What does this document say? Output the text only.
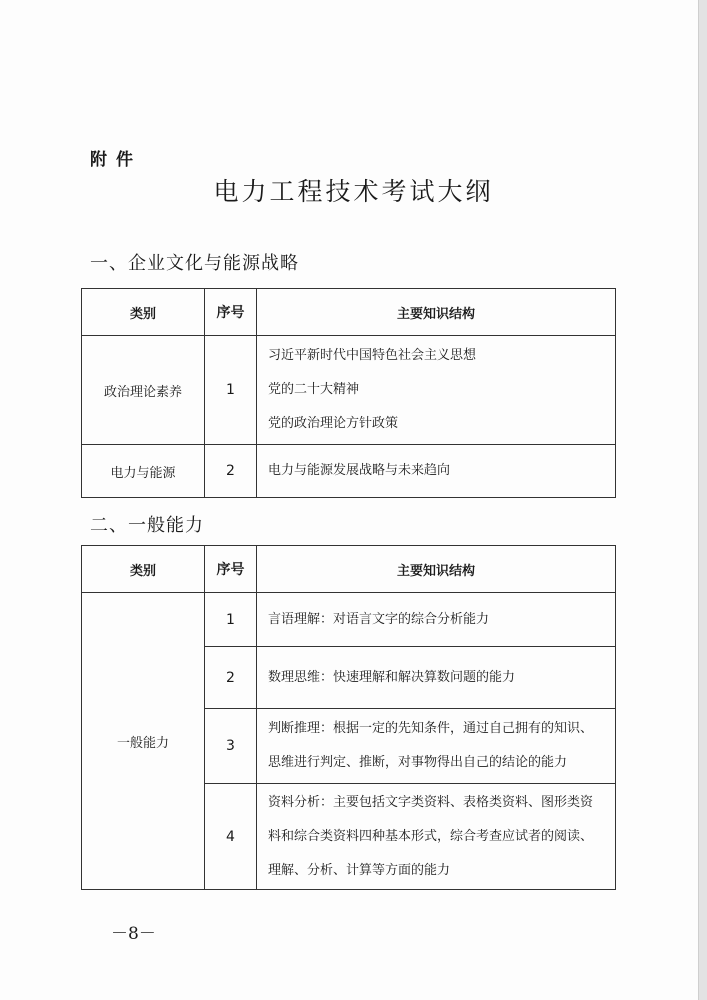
附件
电力工程技术考试大纲
一、企业文化与能源战略
类别	序号	主要知识结构
政治理论素养	1	习近平新时代中国特色社会主义思想
党的二十大精神
党的政治理论方针政策

电力与能源	2	电力与能源发展战略与未来趋向
二、一般能力
类别	序号	主要知识结构
一般能力	1	言语理解：对语言文字的综合分析能力

	2	数理思维：快速理解和解决算数问题的能力

	3	判断推理：根据一定的先知条件，通过自己拥有的知识、
思维进行判定、推断，对事物得出自己的结论的能力

	4	资料分析：主要包括文字类资料、表格类资料、图形类资
料和综合类资料四种基本形式，综合考查应试者的阅读、
理解、分析、计算等方面的能力
－8－
